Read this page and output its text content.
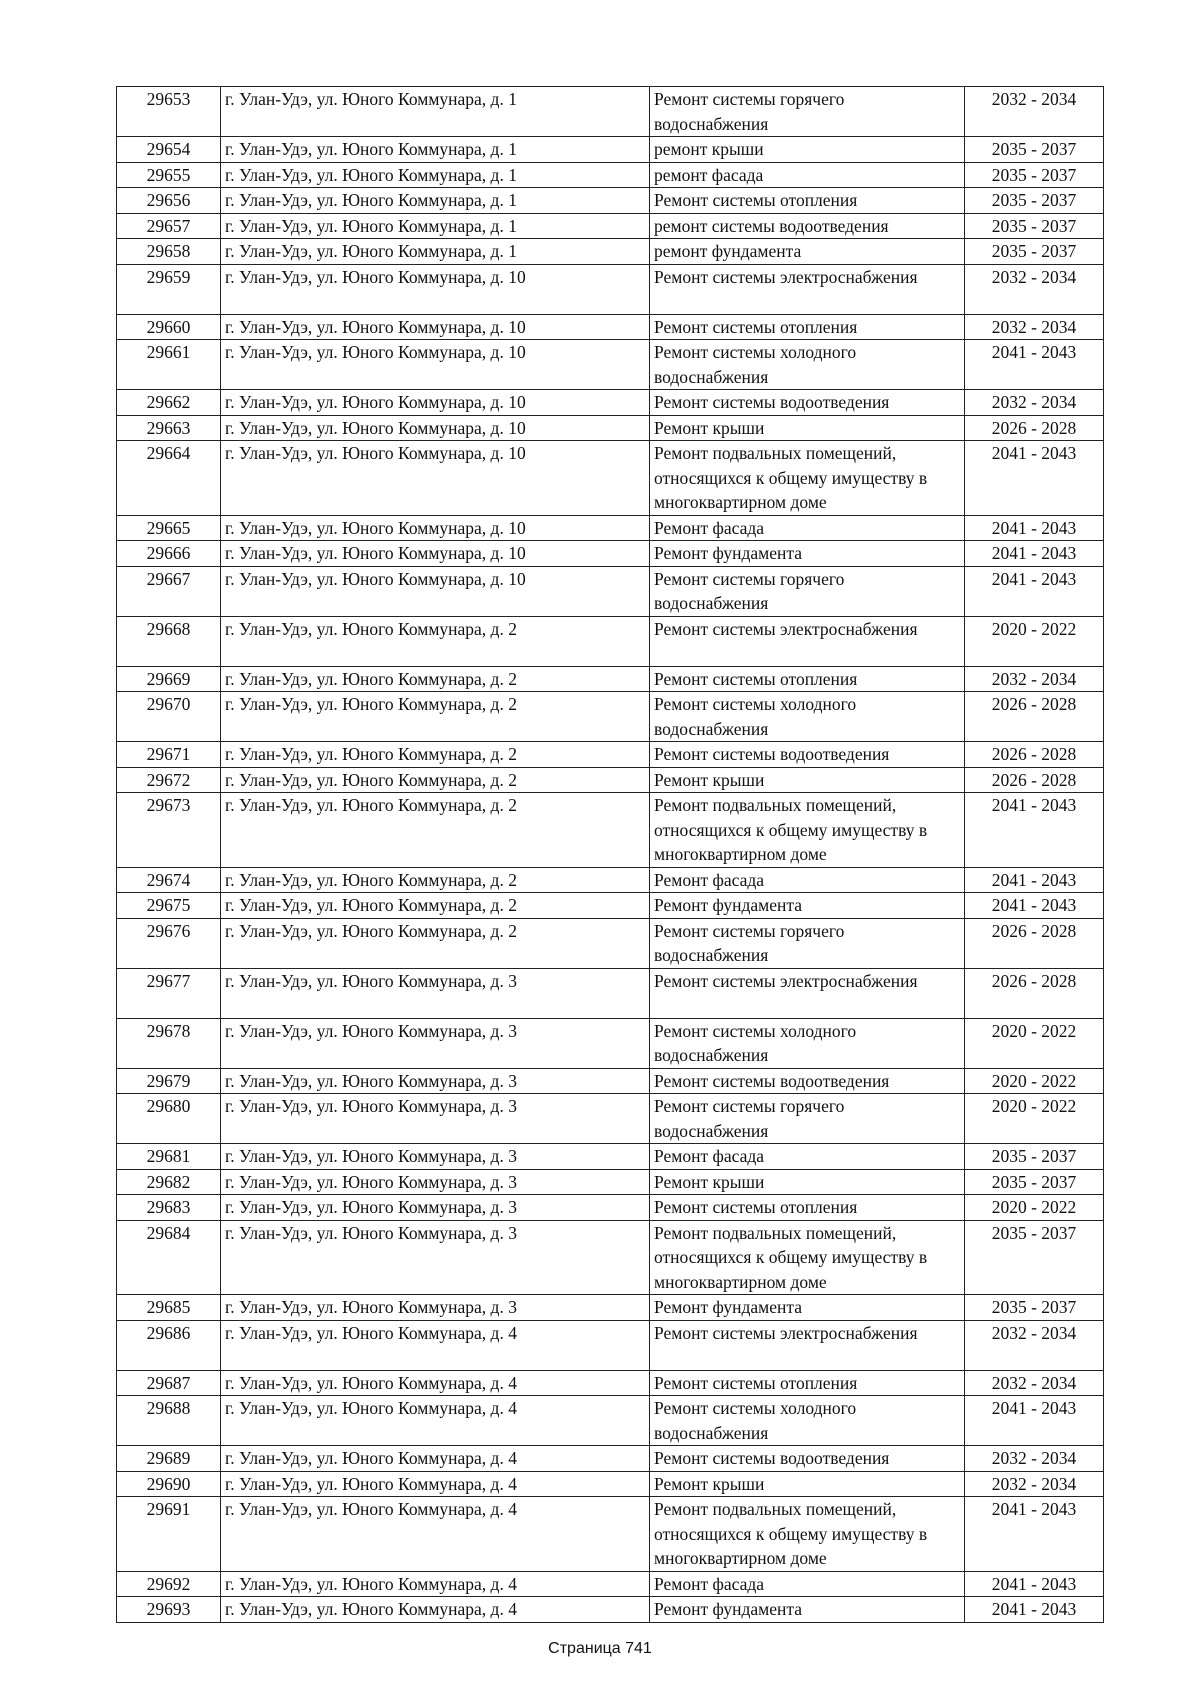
29653	г. Улан-Удэ, ул. Юного Коммунара, д. 1	Ремонт системы горячего водоснабжения	2032 - 2034
29654	г. Улан-Удэ, ул. Юного Коммунара, д. 1	ремонт крыши	2035 - 2037
29655	г. Улан-Удэ, ул. Юного Коммунара, д. 1	ремонт фасада	2035 - 2037
29656	г. Улан-Удэ, ул. Юного Коммунара, д. 1	Ремонт системы отопления	2035 - 2037
29657	г. Улан-Удэ, ул. Юного Коммунара, д. 1	ремонт системы водоотведения	2035 - 2037
29658	г. Улан-Удэ, ул. Юного Коммунара, д. 1	ремонт фундамента	2035 - 2037
29659	г. Улан-Удэ, ул. Юного Коммунара, д. 10	Ремонт системы электроснабжения	2032 - 2034
29660	г. Улан-Удэ, ул. Юного Коммунара, д. 10	Ремонт системы отопления	2032 - 2034
29661	г. Улан-Удэ, ул. Юного Коммунара, д. 10	Ремонт системы холодного водоснабжения	2041 - 2043
29662	г. Улан-Удэ, ул. Юного Коммунара, д. 10	Ремонт системы водоотведения	2032 - 2034
29663	г. Улан-Удэ, ул. Юного Коммунара, д. 10	Ремонт крыши	2026 - 2028
29664	г. Улан-Удэ, ул. Юного Коммунара, д. 10	Ремонт подвальных помещений, относящихся к общему имуществу в многоквартирном доме	2041 - 2043
29665	г. Улан-Удэ, ул. Юного Коммунара, д. 10	Ремонт фасада	2041 - 2043
29666	г. Улан-Удэ, ул. Юного Коммунара, д. 10	Ремонт фундамента	2041 - 2043
29667	г. Улан-Удэ, ул. Юного Коммунара, д. 10	Ремонт системы горячего водоснабжения	2041 - 2043
29668	г. Улан-Удэ, ул. Юного Коммунара, д. 2	Ремонт системы электроснабжения	2020 - 2022
29669	г. Улан-Удэ, ул. Юного Коммунара, д. 2	Ремонт системы отопления	2032 - 2034
29670	г. Улан-Удэ, ул. Юного Коммунара, д. 2	Ремонт системы холодного водоснабжения	2026 - 2028
29671	г. Улан-Удэ, ул. Юного Коммунара, д. 2	Ремонт системы водоотведения	2026 - 2028
29672	г. Улан-Удэ, ул. Юного Коммунара, д. 2	Ремонт крыши	2026 - 2028
29673	г. Улан-Удэ, ул. Юного Коммунара, д. 2	Ремонт подвальных помещений, относящихся к общему имуществу в многоквартирном доме	2041 - 2043
29674	г. Улан-Удэ, ул. Юного Коммунара, д. 2	Ремонт фасада	2041 - 2043
29675	г. Улан-Удэ, ул. Юного Коммунара, д. 2	Ремонт фундамента	2041 - 2043
29676	г. Улан-Удэ, ул. Юного Коммунара, д. 2	Ремонт системы горячего водоснабжения	2026 - 2028
29677	г. Улан-Удэ, ул. Юного Коммунара, д. 3	Ремонт системы электроснабжения	2026 - 2028
29678	г. Улан-Удэ, ул. Юного Коммунара, д. 3	Ремонт системы холодного водоснабжения	2020 - 2022
29679	г. Улан-Удэ, ул. Юного Коммунара, д. 3	Ремонт системы водоотведения	2020 - 2022
29680	г. Улан-Удэ, ул. Юного Коммунара, д. 3	Ремонт системы горячего водоснабжения	2020 - 2022
29681	г. Улан-Удэ, ул. Юного Коммунара, д. 3	Ремонт фасада	2035 - 2037
29682	г. Улан-Удэ, ул. Юного Коммунара, д. 3	Ремонт крыши	2035 - 2037
29683	г. Улан-Удэ, ул. Юного Коммунара, д. 3	Ремонт системы отопления	2020 - 2022
29684	г. Улан-Удэ, ул. Юного Коммунара, д. 3	Ремонт подвальных помещений, относящихся к общему имуществу в многоквартирном доме	2035 - 2037
29685	г. Улан-Удэ, ул. Юного Коммунара, д. 3	Ремонт фундамента	2035 - 2037
29686	г. Улан-Удэ, ул. Юного Коммунара, д. 4	Ремонт системы электроснабжения	2032 - 2034
29687	г. Улан-Удэ, ул. Юного Коммунара, д. 4	Ремонт системы отопления	2032 - 2034
29688	г. Улан-Удэ, ул. Юного Коммунара, д. 4	Ремонт системы холодного водоснабжения	2041 - 2043
29689	г. Улан-Удэ, ул. Юного Коммунара, д. 4	Ремонт системы водоотведения	2032 - 2034
29690	г. Улан-Удэ, ул. Юного Коммунара, д. 4	Ремонт крыши	2032 - 2034
29691	г. Улан-Удэ, ул. Юного Коммунара, д. 4	Ремонт подвальных помещений, относящихся к общему имуществу в многоквартирном доме	2041 - 2043
29692	г. Улан-Удэ, ул. Юного Коммунара, д. 4	Ремонт фасада	2041 - 2043
29693	г. Улан-Удэ, ул. Юного Коммунара, д. 4	Ремонт фундамента	2041 - 2043
Страница 741
